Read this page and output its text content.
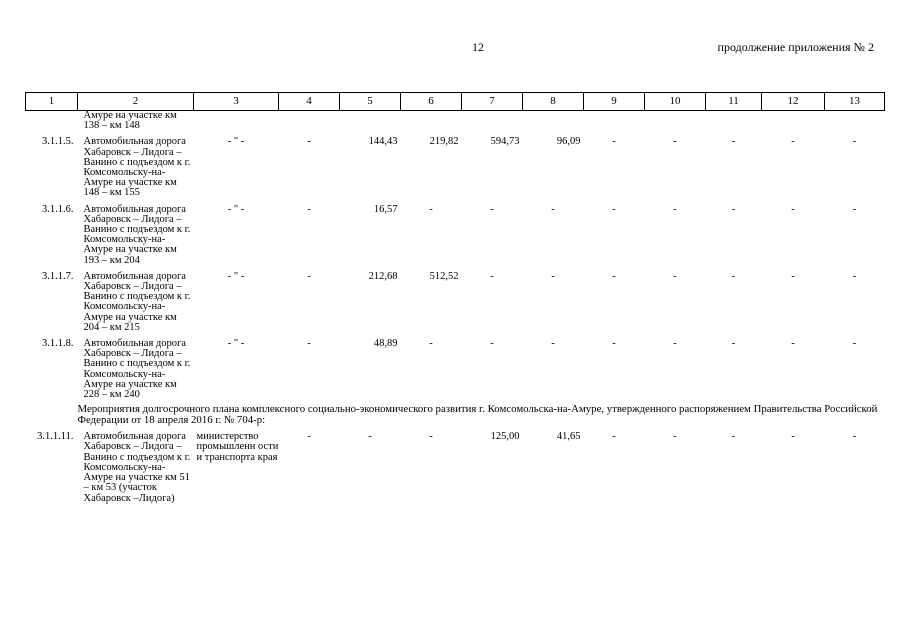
12	продолжение приложения № 2
1	2	3	4	5	6	7	8	9	10	11	12	13
	Амуре на участке км 138 – км 148											

3.1.1.5.	Автомобильная дорога Хабаровск – Лидога – Ванино с подъездом к г. Комсомольску-на-Амуре на участке км 148 – км 155	- " -	-	144,43	219,82	594,73	96,09	-	-	-	-	-

3.1.1.6.	Автомобильная дорога Хабаровск – Лидога – Ванино с подъездом к г. Комсомольску-на-Амуре на участке км 193 – км 204	- " -	-	16,57	-	-	-	-	-	-	-	-

3.1.1.7.	Автомобильная дорога Хабаровск – Лидога – Ванино с подъездом к г. Комсомольску-на-Амуре на участке км 204 – км 215	- " -	-	212,68	512,52	-	-	-	-	-	-	-

3.1.1.8.	Автомобильная дорога Хабаровск – Лидога – Ванино с подъездом к г. Комсомольску-на-Амуре на участке км 228 – км 240	- " -	-	48,89	-	-	-	-	-	-	-	-
Мероприятия долгосрочного плана комплексного социально-экономического развития г. Комсомольска-на-Амуре, утвержденного распоряжением Правительства Российской Федерации от 18 апреля 2016 г. № 704-р:												
3.1.1.11.	Автомобильная дорога Хабаровск – Лидога – Ванино с подъездом к г. Комсомольску-на-Амуре на участке км 51 – км 53 (участок Хабаровск –Лидога)	министерство промышленн ости и транспорта края	-	-	-	125,00	41,65	-	-	-	-	-
